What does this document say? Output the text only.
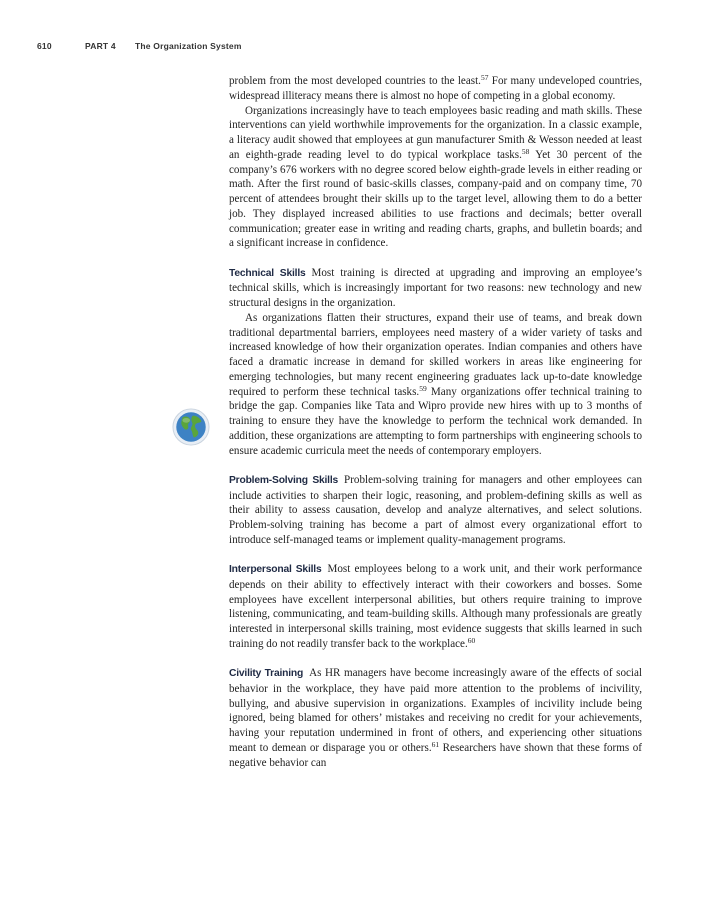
610	PART 4	The Organization System

problem from the most developed countries to the least.$^{57}$ For many undeveloped countries, widespread illiteracy means there is almost no hope of competing in a global economy.

Organizations increasingly have to teach employees basic reading and math skills. These interventions can yield worthwhile improvements for the organization. In a classic example, a literacy audit showed that employees at gun manufacturer Smith & Wesson needed at least an eighth-grade reading level to do typical workplace tasks.$^{58}$ Yet 30 percent of the company’s 676 workers with no degree scored below eighth-grade levels in either reading or math. After the first round of basic-skills classes, company-paid and on company time, 70 percent of attendees brought their skills up to the target level, allowing them to do a better job. They displayed increased abilities to use fractions and decimals; better overall communication; greater ease in writing and reading charts, graphs, and bulletin boards; and a significant increase in confidence.

Technical Skills Most training is directed at upgrading and improving an employee’s technical skills, which is increasingly important for two reasons: new technology and new structural designs in the organization.

As organizations flatten their structures, expand their use of teams, and break down traditional departmental barriers, employees need mastery of a wider variety of tasks and increased knowledge of how their organization operates. Indian companies and others have faced a dramatic increase in demand for skilled workers in areas like engineering for emerging technologies, but many recent engineering graduates lack up-to-date knowledge required to perform these technical tasks.$^{59}$ Many organizations offer technical training to bridge the gap. Companies like Tata and Wipro provide new hires with up to 3 months of training to ensure they have the knowledge to perform the technical work demanded. In addition, these organizations are attempting to form partnerships with engineering schools to ensure academic curricula meet the needs of contemporary employers.

Problem-Solving Skills Problem-solving training for managers and other employees can include activities to sharpen their logic, reasoning, and problem-defining skills as well as their ability to assess causation, develop and analyze alternatives, and select solutions. Problem-solving training has become a part of almost every organizational effort to introduce self-managed teams or implement quality-management programs.

Interpersonal Skills Most employees belong to a work unit, and their work performance depends on their ability to effectively interact with their coworkers and bosses. Some employees have excellent interpersonal abilities, but others require training to improve listening, communicating, and team-building skills. Although many professionals are greatly interested in interpersonal skills training, most evidence suggests that skills learned in such training do not readily transfer back to the workplace.$^{60}$

Civility Training As HR managers have become increasingly aware of the effects of social behavior in the workplace, they have paid more attention to the problems of incivility, bullying, and abusive supervision in organizations. Examples of incivility include being ignored, being blamed for others’ mistakes and receiving no credit for your achievements, having your reputation undermined in front of others, and experiencing other situations meant to demean or disparage you or others.$^{61}$ Researchers have shown that these forms of negative behavior can
